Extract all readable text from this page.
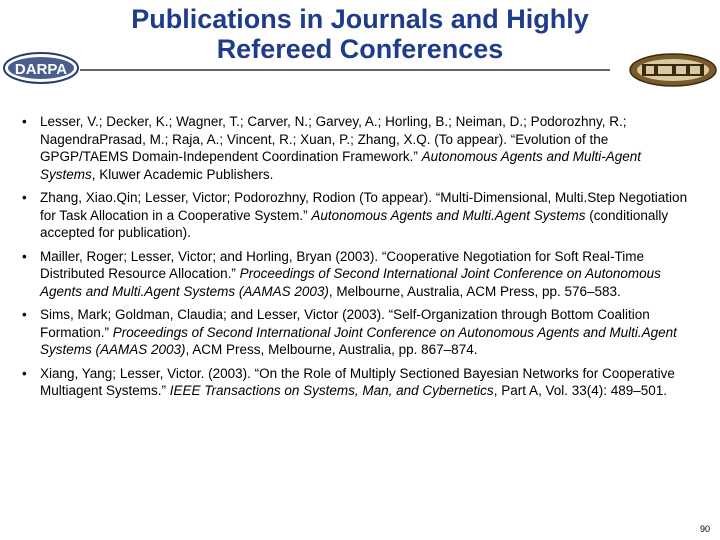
Publications in Journals and Highly
Refereed Conferences
DARPA
• Lesser, V.; Decker, K.; Wagner, T.; Carver, N.; Garvey, A.; Horling, B.; Neiman, D.; Podorozhny, R.; NagendraPrasad, M.; Raja, A.; Vincent, R.; Xuan, P.; Zhang, X.Q. (To appear). “Evolution of the GPGP/TAEMS Domain-Independent Coordination Framework.” Autonomous Agents and Multi-Agent Systems, Kluwer Academic Publishers.
• Zhang, Xiao.Qin; Lesser, Victor; Podorozhny, Rodion (To appear). “Multi-Dimensional, Multi.Step Negotiation for Task Allocation in a Cooperative System.” Autonomous Agents and Multi.Agent Systems (conditionally accepted for publication).
• Mailler, Roger; Lesser, Victor; and Horling, Bryan (2003). “Cooperative Negotiation for Soft Real-Time Distributed Resource Allocation.” Proceedings of Second International Joint Conference on Autonomous Agents and Multi.Agent Systems (AAMAS 2003), Melbourne, Australia, ACM Press, pp. 576–583.
• Sims, Mark; Goldman, Claudia; and Lesser, Victor (2003). “Self-Organization through Bottom Coalition Formation.” Proceedings of Second International Joint Conference on Autonomous Agents and Multi.Agent Systems (AAMAS 2003), ACM Press, Melbourne, Australia, pp. 867–874.
• Xiang, Yang; Lesser, Victor. (2003). “On the Role of Multiply Sectioned Bayesian Networks for Cooperative Multiagent Systems.” IEEE Transactions on Systems, Man, and Cybernetics, Part A, Vol. 33(4): 489–501.
90
